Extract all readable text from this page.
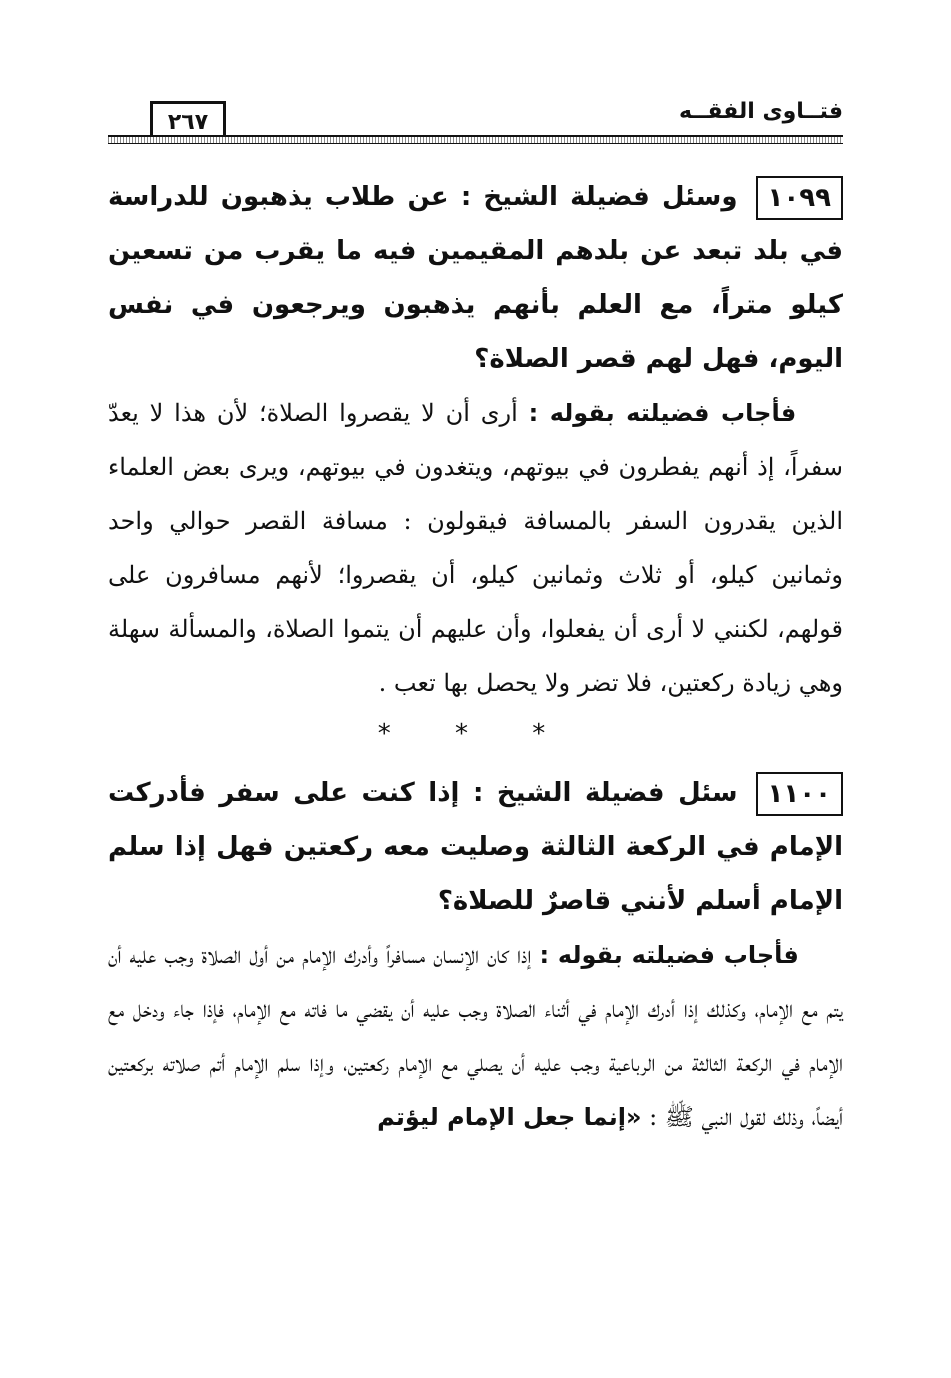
فتــاوى الفقــه
٢٦٧

١٠٩٩
وسئل فضيلة الشيخ : عن طلاب يذهبون للدراسة في بلد تبعد عن بلدهم المقيمين فيه ما يقرب من تسعين كيلو متراً، مع العلم بأنهم يذهبون ويرجعون في نفس اليوم، فهل لهم قصر الصلاة؟

فأجاب فضيلته بقوله : أرى أن لا يقصروا الصلاة؛ لأن هذا لا يعدّ سفراً، إذ أنهم يفطرون في بيوتهم، ويتغدون في بيوتهم، ويرى بعض العلماء الذين يقدرون السفر بالمسافة فيقولون : مسافة القصر حوالي واحد وثمانين كيلو، أو ثلاث وثمانين كيلو، أن يقصروا؛ لأنهم مسافرون على قولهم، لكنني لا أرى أن يفعلوا، وأن عليهم أن يتموا الصلاة، والمسألة سهلة وهي زيادة ركعتين، فلا تضر ولا يحصل بها تعب .

* * *

١١٠٠
سئل فضيلة الشيخ : إذا كنت على سفر فأدركت الإمام في الركعة الثالثة وصليت معه ركعتين فهل إذا سلم الإمام أسلم لأنني قاصرٌ للصلاة؟

فأجاب فضيلته بقوله : إذا كان الإنسان مسافراً وأدرك الإمام من أول الصلاة وجب عليه أن يتم مع الإمام، وكذلك إذا أدرك الإمام في أثناء الصلاة وجب عليه أن يقضي ما فاته مع الإمام، فإذا جاء ودخل مع الإمام في الركعة الثالثة من الرباعية وجب عليه أن يصلي مع الإمام ركعتين، وإذا سلم الإمام أتم صلاته بركعتين أيضاً، وذلك لقول النبي ﷺ : «إنما جعل الإمام ليؤتم
